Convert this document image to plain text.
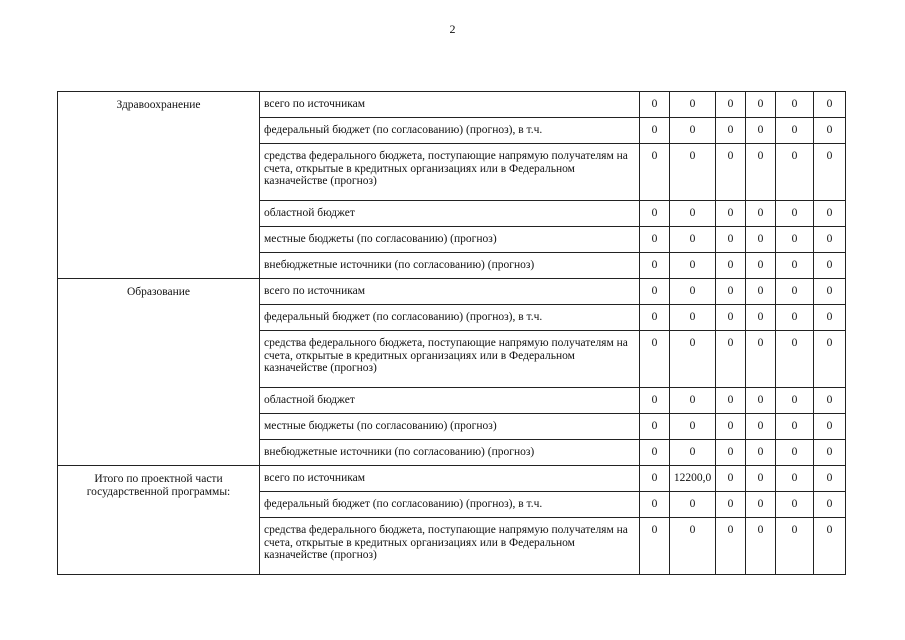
2
Здравоохранение	всего по источникам	0	0	0	0	0	0
	федеральный бюджет (по согласованию) (прогноз), в т.ч.	0	0	0	0	0	0
	средства федерального бюджета, поступающие напрямую получателям на счета, открытые в кредитных организациях или в Федеральном казначействе (прогноз)	0	0	0	0	0	0
	областной бюджет	0	0	0	0	0	0
	местные бюджеты (по согласованию) (прогноз)	0	0	0	0	0	0
	внебюджетные источники (по согласованию) (прогноз)	0	0	0	0	0	0
Образование	всего по источникам	0	0	0	0	0	0
	федеральный бюджет (по согласованию) (прогноз), в т.ч.	0	0	0	0	0	0
	средства федерального бюджета, поступающие напрямую получателям на счета, открытые в кредитных организациях или в Федеральном казначействе (прогноз)	0	0	0	0	0	0
	областной бюджет	0	0	0	0	0	0
	местные бюджеты (по согласованию) (прогноз)	0	0	0	0	0	0
	внебюджетные источники (по согласованию) (прогноз)	0	0	0	0	0	0
Итого по проектной части государственной программы:	всего по источникам	0	12200,0	0	0	0	0
	федеральный бюджет (по согласованию) (прогноз), в т.ч.	0	0	0	0	0	0
	средства федерального бюджета, поступающие напрямую получателям на счета, открытые в кредитных организациях или в Федеральном казначействе (прогноз)	0	0	0	0	0	0
